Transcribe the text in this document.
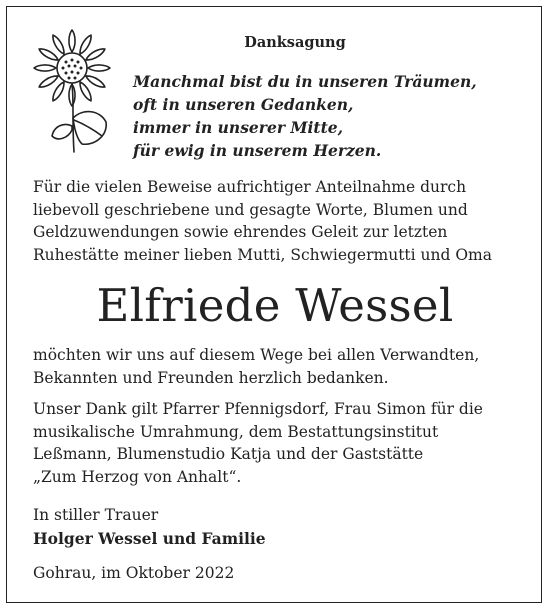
Danksagung
Manchmal bist du in unseren Träumen,
oft in unseren Gedanken,
immer in unserer Mitte,
für ewig in unserem Herzen.
Für die vielen Beweise aufrichtiger Anteilnahme durch
liebevoll geschriebene und gesagte Worte, Blumen und
Geldzuwendungen sowie ehrendes Geleit zur letzten
Ruhestätte meiner lieben Mutti, Schwiegermutti und Oma
Elfriede Wessel
möchten wir uns auf diesem Wege bei allen Verwandten,
Bekannten und Freunden herzlich bedanken.
Unser Dank gilt Pfarrer Pfennigsdorf, Frau Simon für die
musikalische Umrahmung, dem Bestattungsinstitut
Leßmann, Blumenstudio Katja und der Gaststätte
„Zum Herzog von Anhalt“.
In stiller Trauer
Holger Wessel und Familie
Gohrau, im Oktober 2022
